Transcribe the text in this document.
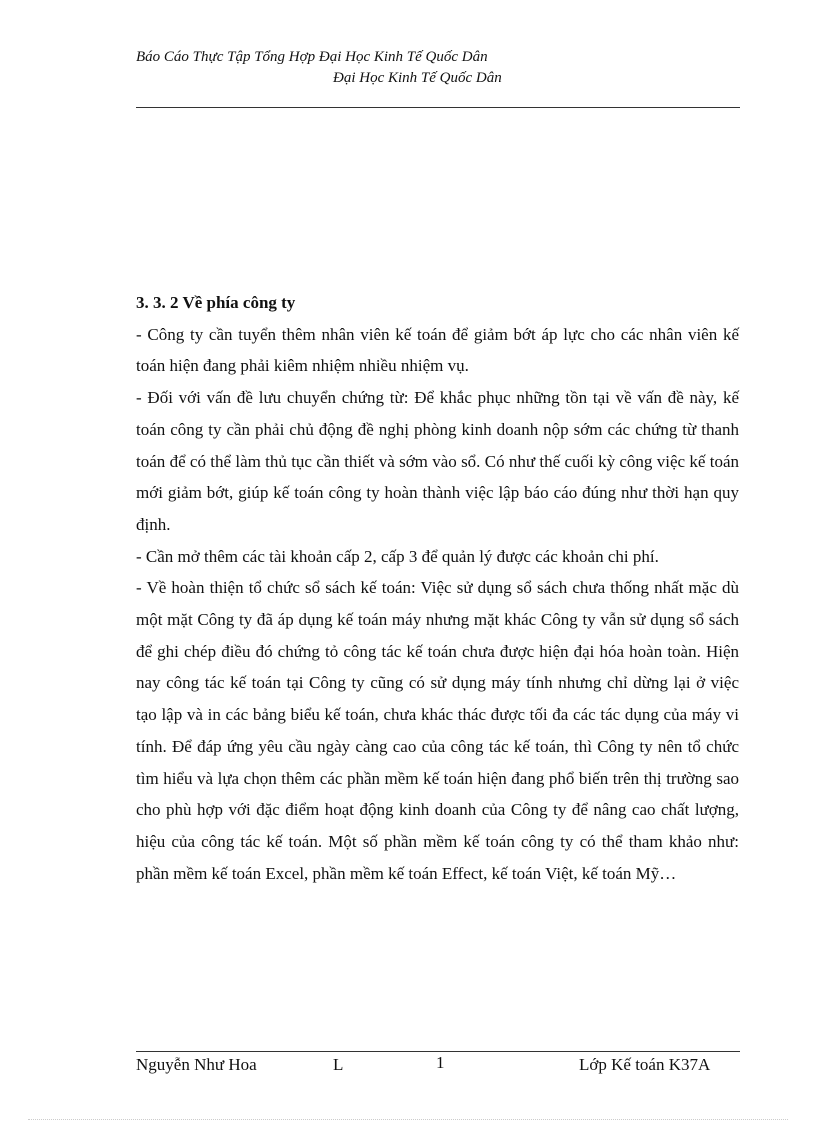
Báo Cáo Thực Tập Tổng Hợp Đại Học Kinh Tế Quốc Dân
Đại Học Kinh Tế Quốc Dân

3. 3. 2 Về phía công ty

- Công ty cần tuyển thêm nhân viên kế toán để giảm bớt áp lực cho các nhân viên kế toán hiện đang phải kiêm nhiệm nhiều nhiệm vụ.

- Đối với vấn đề lưu chuyển chứng từ: Để khắc phục những tồn tại về vấn đề này, kế toán công ty cần phải chủ động đề nghị phòng kinh doanh nộp sớm các chứng từ thanh toán để có thể làm thủ tục cần thiết và sớm vào sổ. Có như thế cuối kỳ công việc kế toán mới giảm bớt, giúp kế toán công ty hoàn thành việc lập báo cáo đúng như thời hạn quy định.

- Cần mở thêm các tài khoản cấp 2, cấp 3 để quản lý được các khoản chi phí.

- Về hoàn thiện tổ chức sổ sách kế toán: Việc sử dụng sổ sách chưa thống nhất mặc dù một mặt Công ty đã áp dụng kế toán máy nhưng mặt khác Công ty vẫn sử dụng sổ sách để ghi chép điều đó chứng tỏ công tác kế toán chưa được hiện đại hóa hoàn toàn. Hiện nay công tác kế toán tại Công ty cũng có sử dụng máy tính nhưng chỉ dừng lại ở việc tạo lập và in các bảng biểu kế toán, chưa khác thác được tối đa các tác dụng của máy vi tính. Để đáp ứng yêu cầu ngày càng cao của công tác kế toán, thì Công ty nên tổ chức tìm hiểu và lựa chọn thêm các phần mềm kế toán hiện đang phổ biến trên thị trường sao cho phù hợp với đặc điểm hoạt động kinh doanh của Công ty để nâng cao chất lượng, hiệu của công tác kế toán. Một số phần mềm kế toán công ty có thể tham khảo như: phần mềm kế toán Excel, phần mềm kế toán Effect, kế toán Việt, kế toán Mỹ…

Nguyễn Như Hoa	L	1	Lớp Kế toán K37A
